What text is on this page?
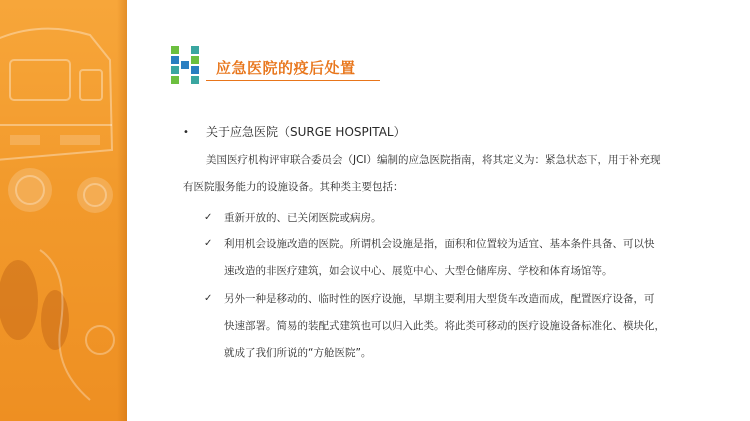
应急医院的疫后处置
• 关于应急医院（SURGE HOSPITAL）
美国医疗机构评审联合委员会（JCI）编制的应急医院指南，将其定义为：紧急状态下，用于补充现
有医院服务能力的设施设备。其种类主要包括：
✓ 重新开放的、已关闭医院或病房。
✓ 利用机会设施改造的医院。所谓机会设施是指，面积和位置较为适宜、基本条件具备、可以快
速改造的非医疗建筑，如会议中心、展览中心、大型仓储库房、学校和体育场馆等。
✓ 另外一种是移动的、临时性的医疗设施，早期主要利用大型货车改造而成，配置医疗设备，可
快速部署。简易的装配式建筑也可以归入此类。将此类可移动的医疗设施设备标准化、模块化，
就成了我们所说的“方舱医院”。
